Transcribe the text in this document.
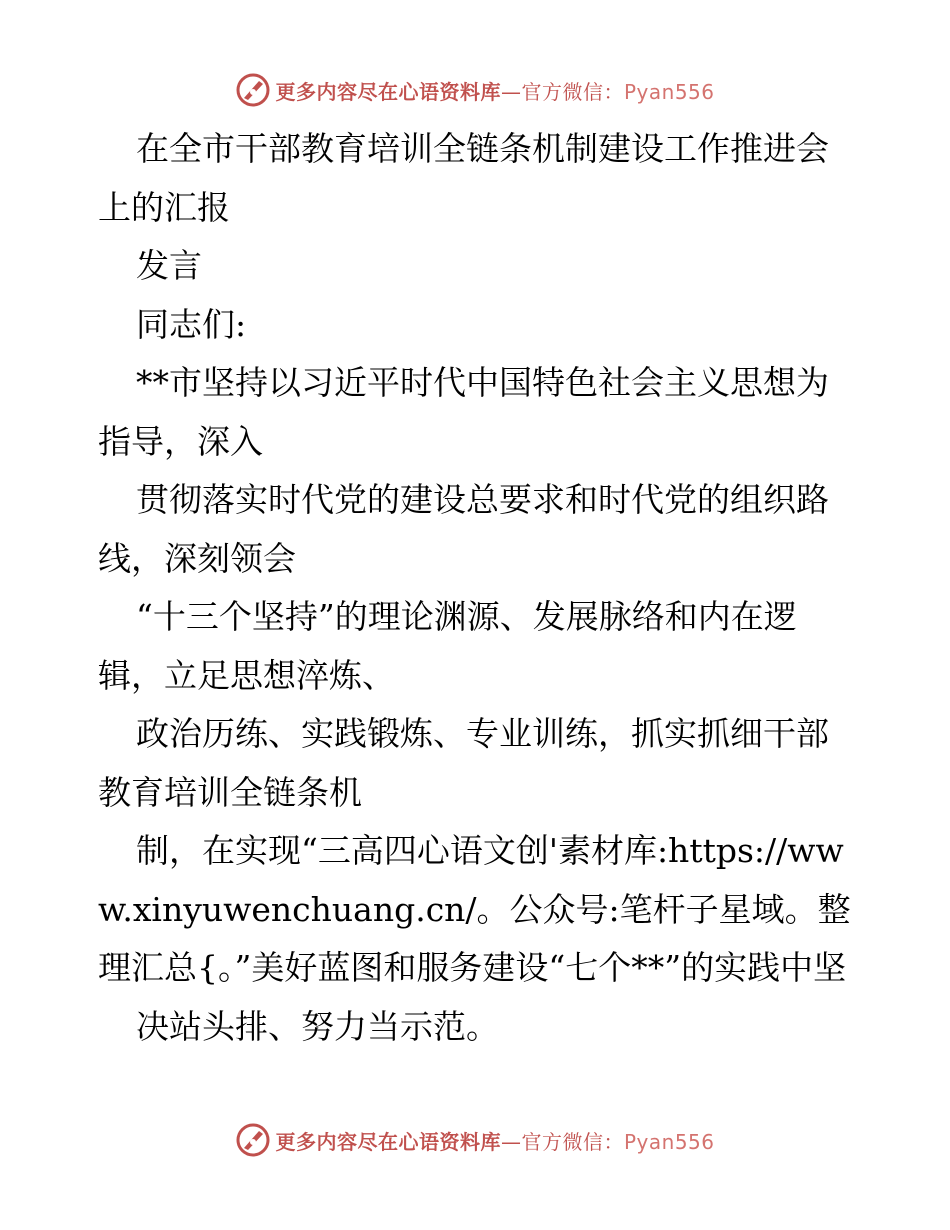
更多内容尽在心语资料库—官方微信：Pyan556

在全市干部教育培训全链条机制建设工作推进会上的汇报

发言

同志们:

**市坚持以习近平时代中国特色社会主义思想为指导，深入

贯彻落实时代党的建设总要求和时代党的组织路线，深刻领会

“十三个坚持”的理论渊源、发展脉络和内在逻辑，立足思想淬炼、

政治历练、实践锻炼、专业训练，抓实抓细干部教育培训全链条机

制，在实现“三高四心语文创'素材库:https://www.xinyuwenchuang.cn/。公众号:笔杆子星域。整理汇总{。”美好蓝图和服务建设“七个**”的实践中坚

决站头排、努力当示范。

更多内容尽在心语资料库—官方微信：Pyan556
